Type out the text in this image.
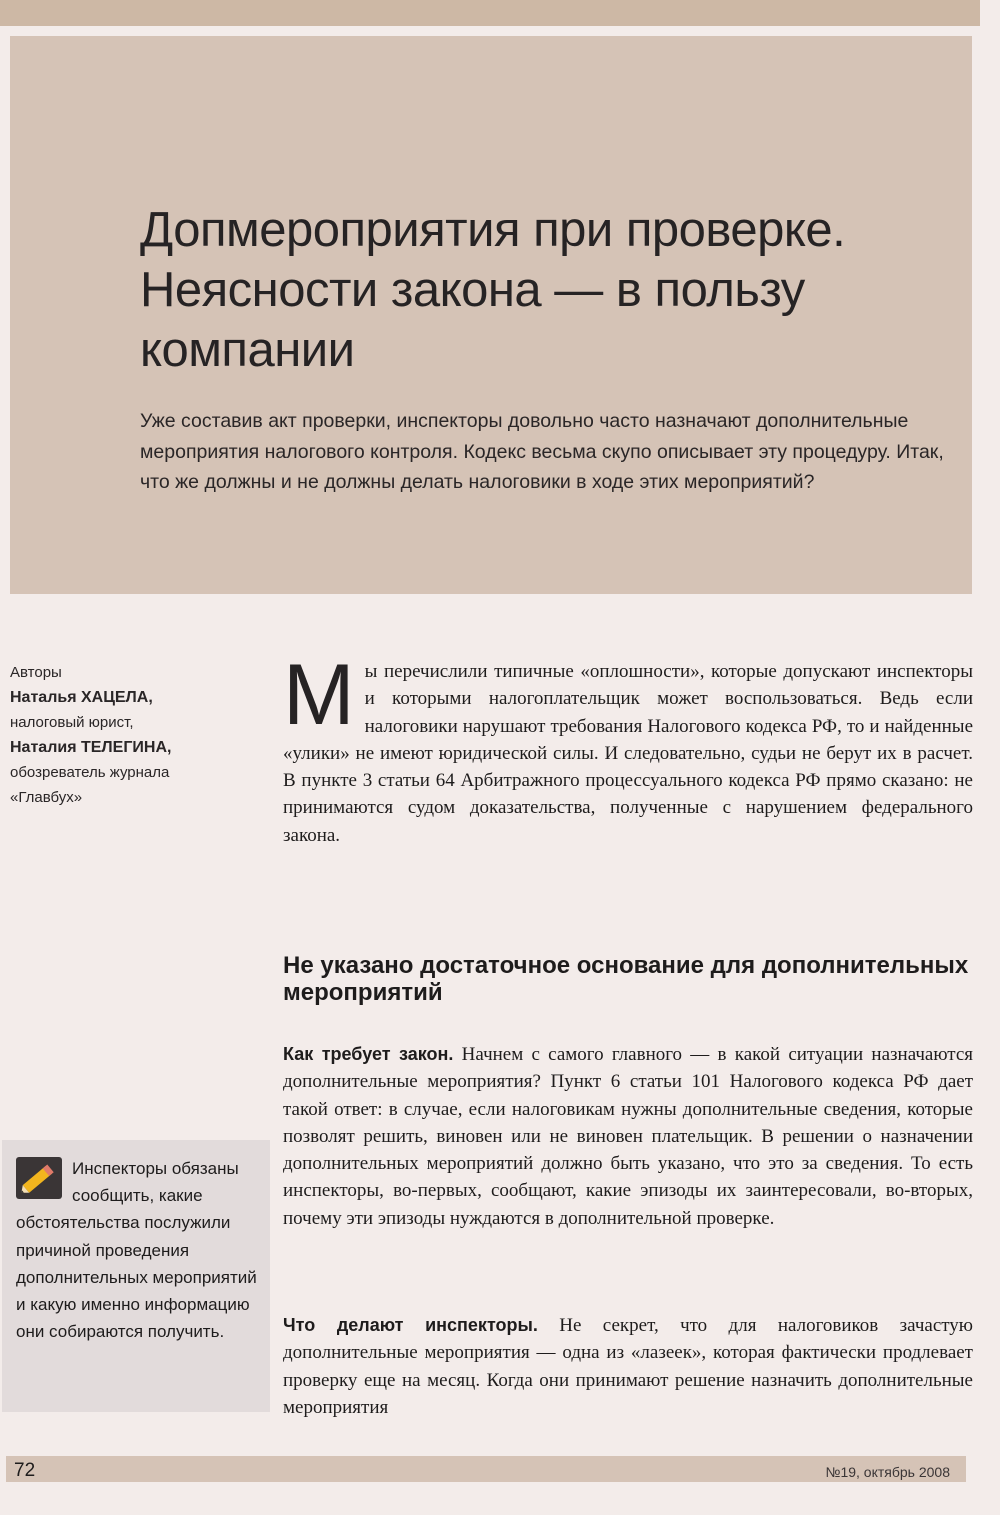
Допмероприятия при проверке. Неясности закона — в пользу компании

Уже составив акт проверки, инспекторы довольно часто назначают дополнительные мероприятия налогового контроля. Кодекс весьма скупо описывает эту процедуру. Итак, что же должны и не должны делать налоговики в ходе этих мероприятий?

Авторы
Наталья ХАЦЕЛА,
налоговый юрист,
Наталия ТЕЛЕГИНА,
обозреватель журнала «Главбух»

Мы перечислили типичные «оплошности», которые допускают инспекторы и которыми налогоплательщик может воспользоваться. Ведь если налоговики нарушают требования Налогового кодекса РФ, то и найденные «улики» не имеют юридической силы. И следовательно, судьи не берут их в расчет. В пункте 3 статьи 64 Арбитражного процессуального кодекса РФ прямо сказано: не принимаются судом доказательства, полученные с нарушением федерального закона.

Не указано достаточное основание для дополнительных мероприятий

Как требует закон. Начнем с самого главного — в какой ситуации назначаются дополнительные мероприятия? Пункт 6 статьи 101 Налогового кодекса РФ дает такой ответ: в случае, если налоговикам нужны дополнительные сведения, которые позволят решить, виновен или не виновен плательщик. В решении о назначении дополнительных мероприятий должно быть указано, что это за сведения. То есть инспекторы, во-первых, сообщают, какие эпизоды их заинтересовали, во-вторых, почему эти эпизоды нуждаются в дополнительной проверке.

Что делают инспекторы. Не секрет, что для налоговиков зачастую дополнительные мероприятия — одна из «лазеек», которая фактически продлевает проверку еще на месяц. Когда они принимают решение назначить дополнительные мероприятия

Инспекторы обязаны сообщить, какие обстоятельства послужили причиной проведения дополнительных мероприятий и какую именно информацию они собираются получить.
72	№19, октябрь 2008
